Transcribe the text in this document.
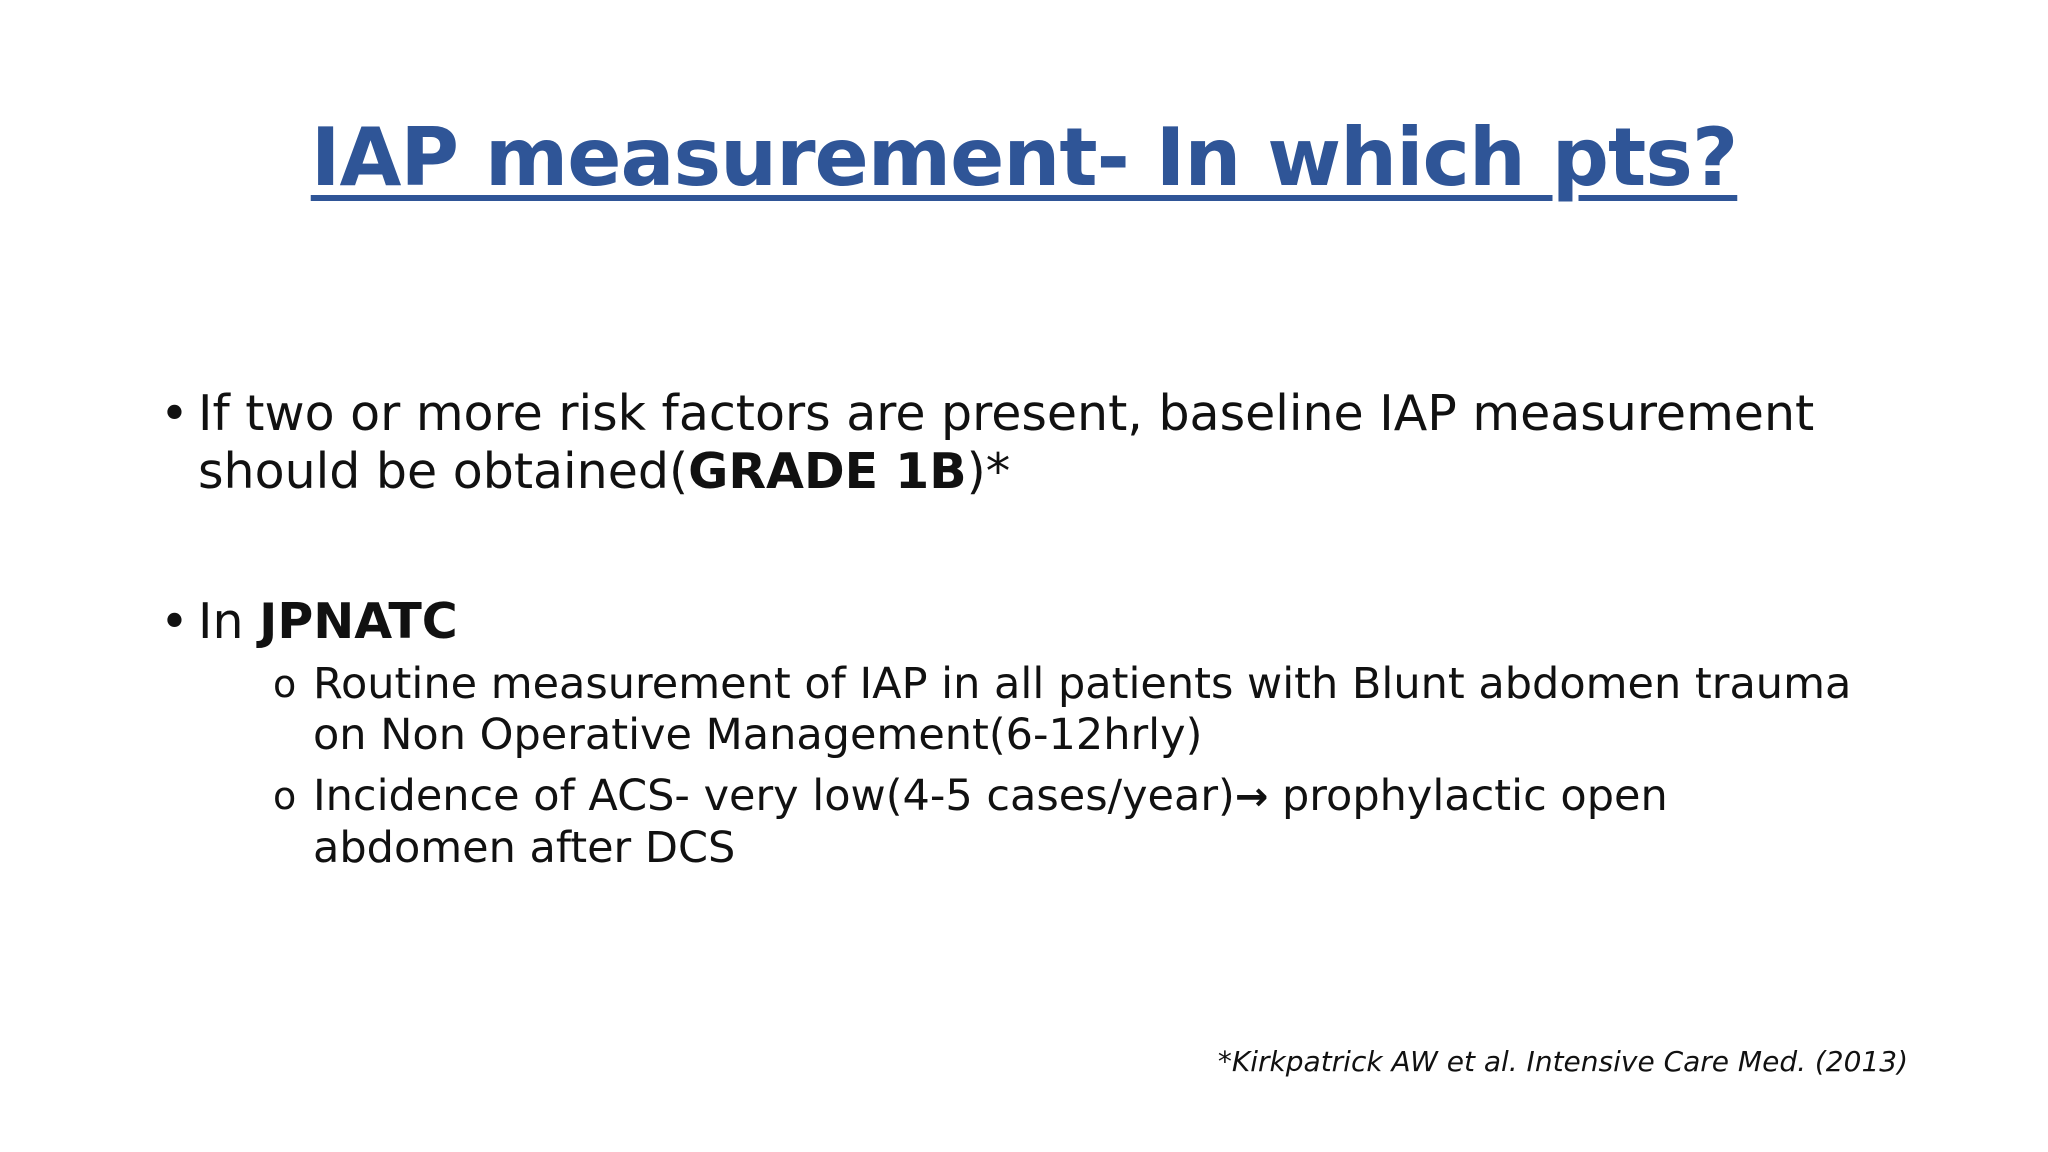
IAP measurement- In which pts?
• If two or more risk factors are present, baseline IAP measurement should be obtained(GRADE 1B)*
• In JPNATC
o Routine measurement of IAP in all patients with Blunt abdomen trauma on Non Operative Management(6-12hrly)
o Incidence of ACS- very low(4-5 cases/year)→ prophylactic open abdomen after DCS
*Kirkpatrick AW et al. Intensive Care Med. (2013)
